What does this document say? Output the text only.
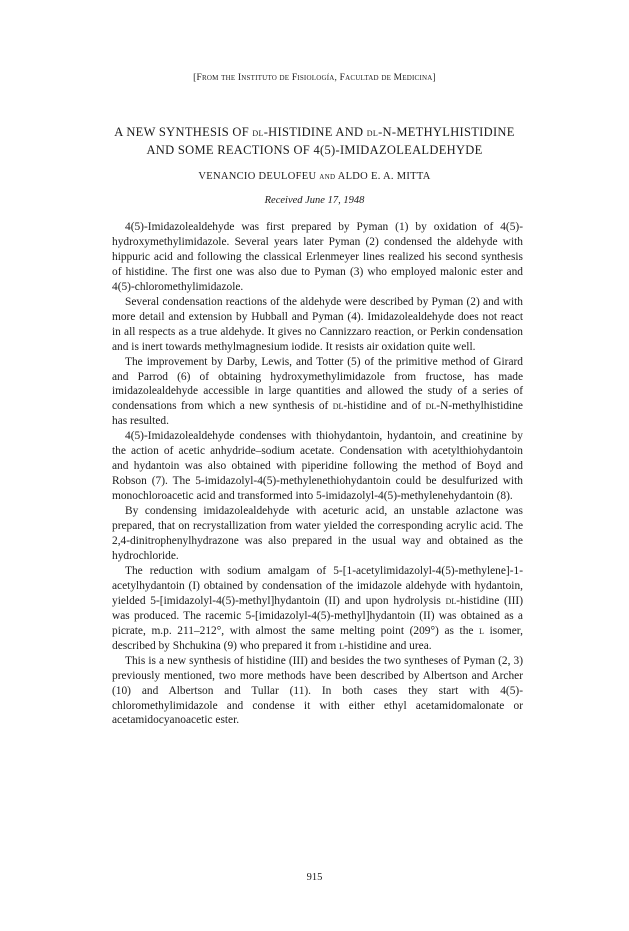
[From the Instituto de Fisiología, Facultad de Medicina]
A NEW SYNTHESIS OF dl-HISTIDINE AND dl-N-METHYLHISTIDINE
AND SOME REACTIONS OF 4(5)-IMIDAZOLEALDEHYDE
VENANCIO DEULOFEU and ALDO E. A. MITTA
Received June 17, 1948

4(5)-Imidazolealdehyde was first prepared by Pyman (1) by oxidation of 4(5)-hydroxymethylimidazole. Several years later Pyman (2) condensed the aldehyde with hippuric acid and following the classical Erlenmeyer lines realized his second synthesis of histidine. The first one was also due to Pyman (3) who employed malonic ester and 4(5)-chloromethylimidazole.

Several condensation reactions of the aldehyde were described by Pyman (2) and with more detail and extension by Hubball and Pyman (4). Imidazolealdehyde does not react in all respects as a true aldehyde. It gives no Cannizzaro reaction, or Perkin condensation and is inert towards methylmagnesium iodide. It resists air oxidation quite well.

The improvement by Darby, Lewis, and Totter (5) of the primitive method of Girard and Parrod (6) of obtaining hydroxymethylimidazole from fructose, has made imidazolealdehyde accessible in large quantities and allowed the study of a series of condensations from which a new synthesis of dl-histidine and of dl-N-methylhistidine has resulted.

4(5)-Imidazolealdehyde condenses with thiohydantoin, hydantoin, and creatinine by the action of acetic anhydride–sodium acetate. Condensation with acetylthiohydantoin and hydantoin was also obtained with piperidine following the method of Boyd and Robson (7). The 5-imidazolyl-4(5)-methylenethiohydantoin could be desulfurized with monochloroacetic acid and transformed into 5-imidazolyl-4(5)-methylenehydantoin (8).

By condensing imidazolealdehyde with aceturic acid, an unstable azlactone was prepared, that on recrystallization from water yielded the corresponding acrylic acid. The 2,4-dinitrophenylhydrazone was also prepared in the usual way and obtained as the hydrochloride.

The reduction with sodium amalgam of 5-[1-acetylimidazolyl-4(5)-methylene]-1-acetylhydantoin (I) obtained by condensation of the imidazole aldehyde with hydantoin, yielded 5-[imidazolyl-4(5)-methyl]hydantoin (II) and upon hydrolysis dl-histidine (III) was produced. The racemic 5-[imidazolyl-4(5)-methyl]hydantoin (II) was obtained as a picrate, m.p. 211–212°, with almost the same melting point (209°) as the l isomer, described by Shchukina (9) who prepared it from l-histidine and urea.

This is a new synthesis of histidine (III) and besides the two syntheses of Pyman (2, 3) previously mentioned, two more methods have been described by Albertson and Archer (10) and Albertson and Tullar (11). In both cases they start with 4(5)-chloromethylimidazole and condense it with either ethyl acetamidomalonate or acetamidocyanoacetic ester.

915
